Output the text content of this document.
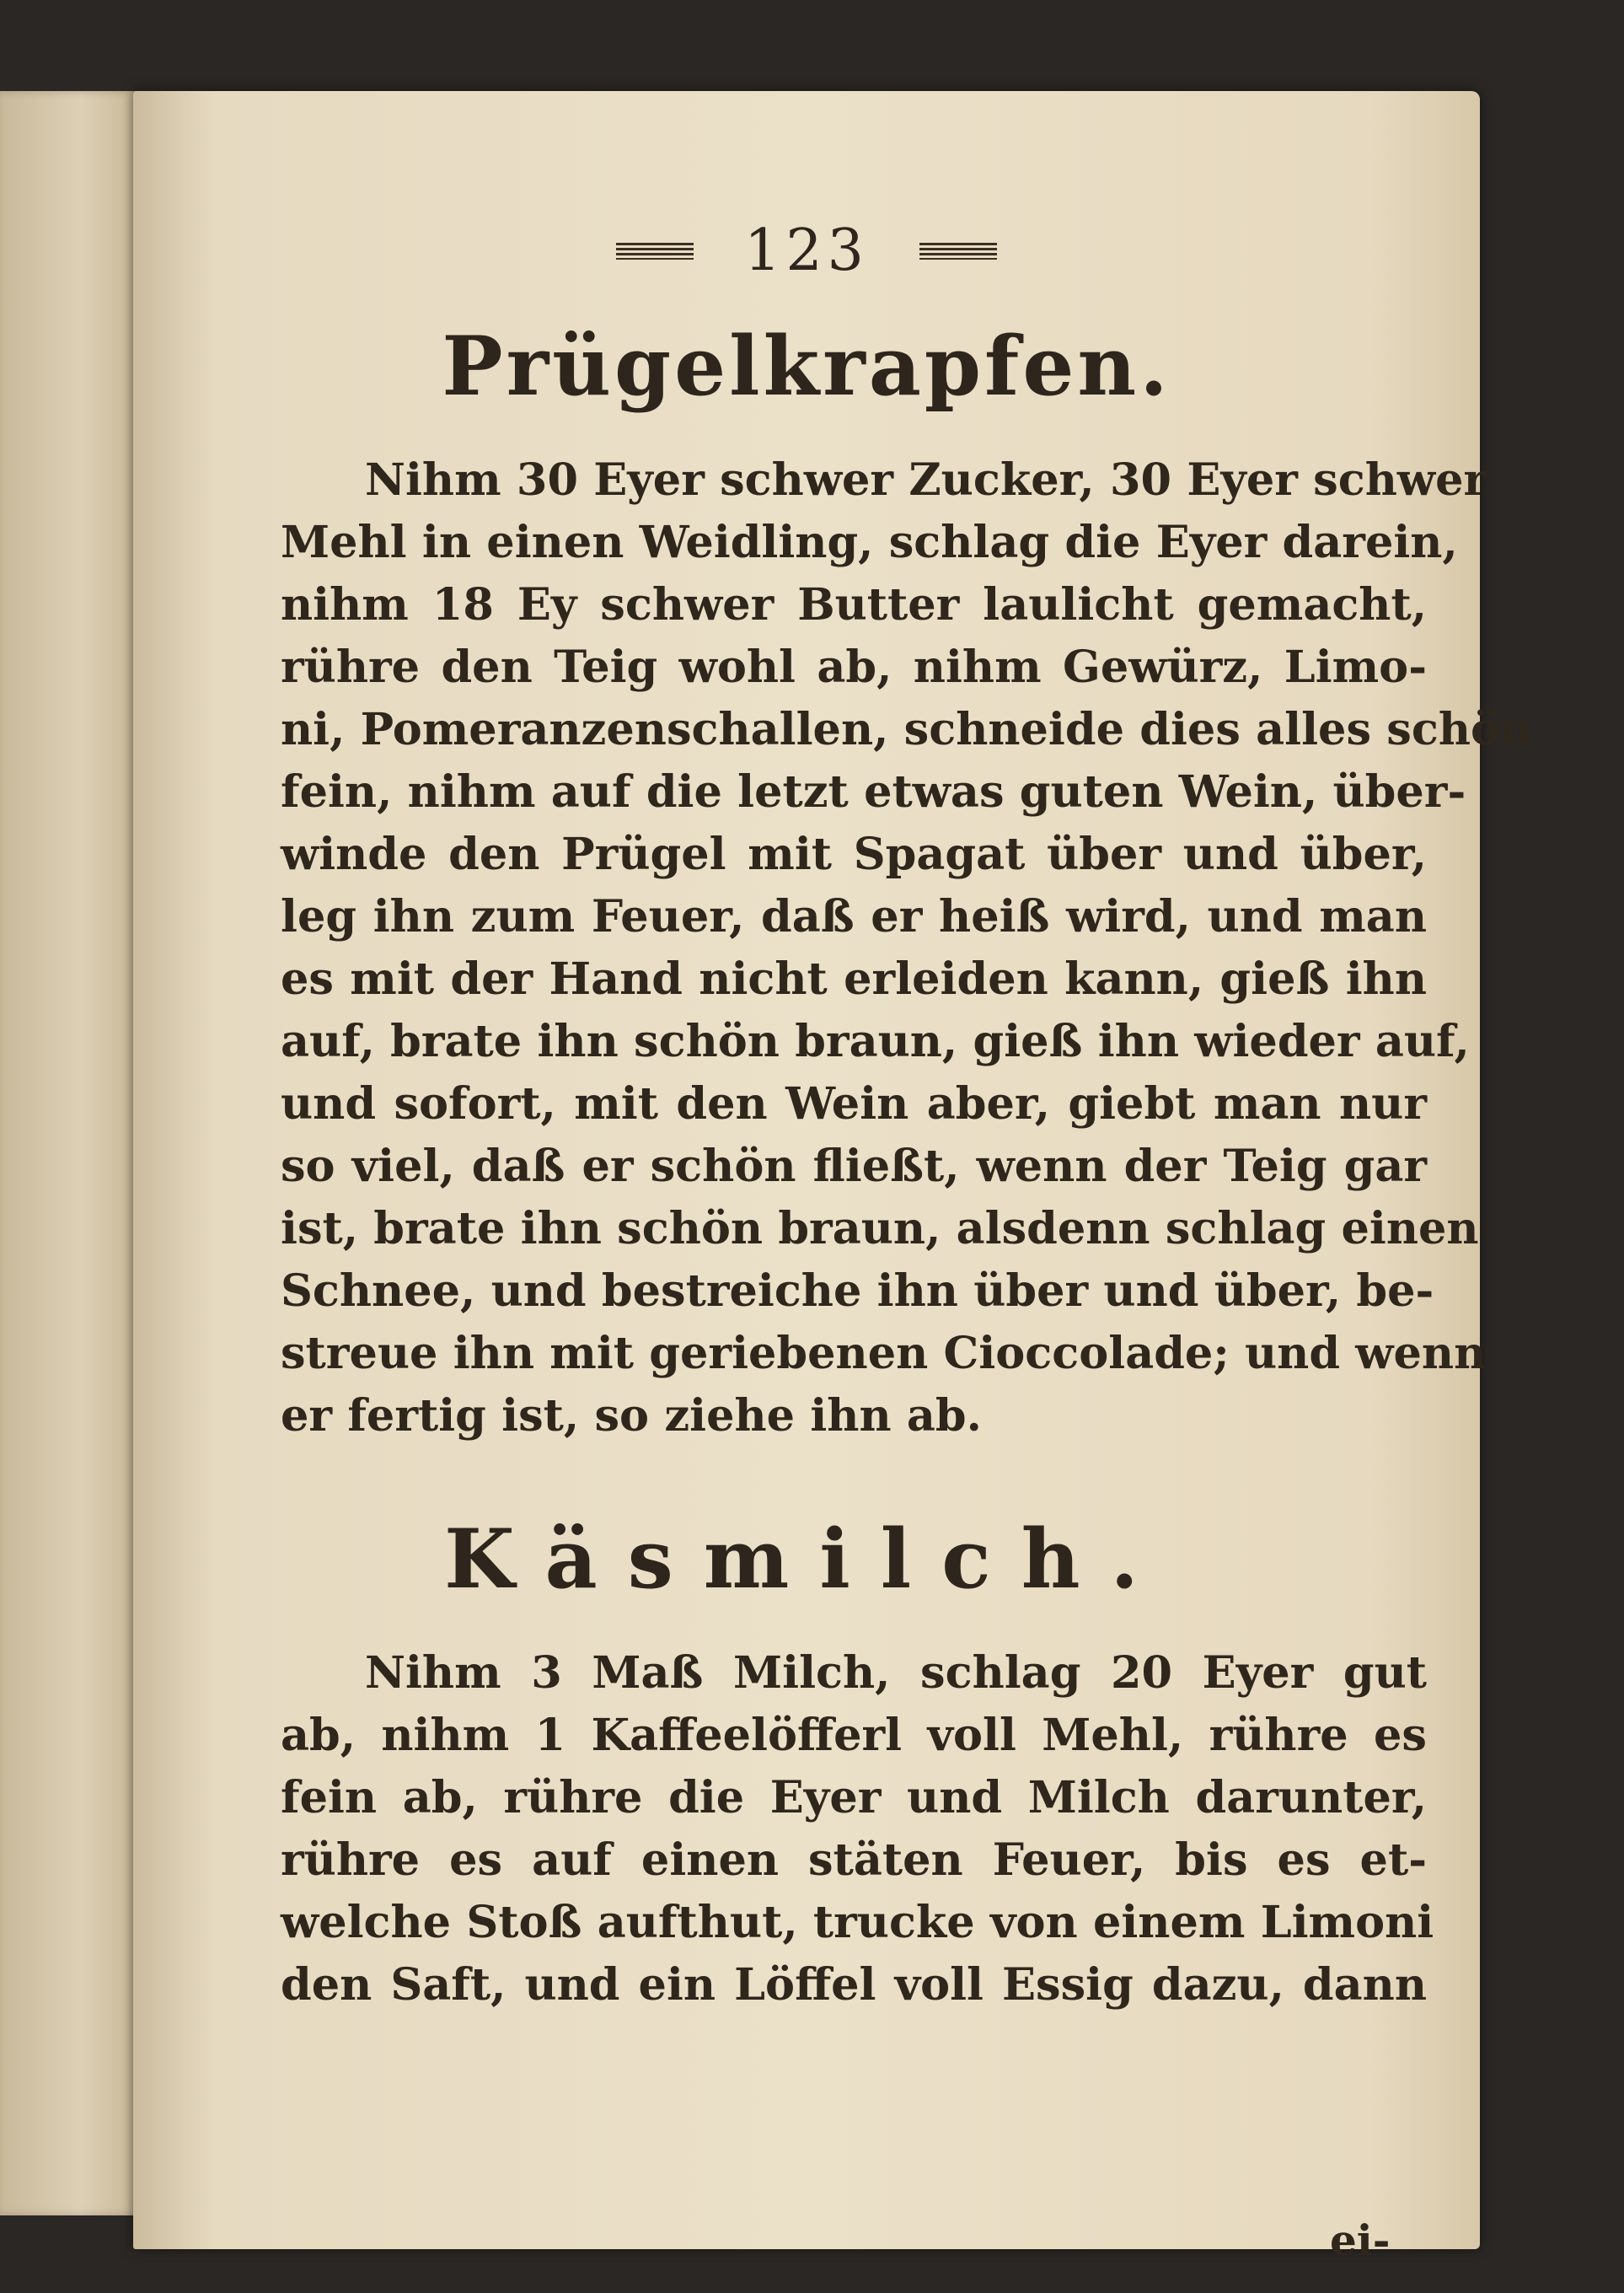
123
Prügelkrapfen.
Nihm 30 Eyer schwer Zucker, 30 Eyer schwer
Mehl in einen Weidling, schlag die Eyer darein,
nihm 18 Ey schwer Butter laulicht gemacht,
rühre den Teig wohl ab, nihm Gewürz, Limo-
ni, Pomeranzenschallen, schneide dies alles schön
fein, nihm auf die letzt etwas guten Wein, über-
winde den Prügel mit Spagat über und über,
leg ihn zum Feuer, daß er heiß wird, und man
es mit der Hand nicht erleiden kann, gieß ihn
auf, brate ihn schön braun, gieß ihn wieder auf,
und sofort, mit den Wein aber, giebt man nur
so viel, daß er schön fließt, wenn der Teig gar
ist, brate ihn schön braun, alsdenn schlag einen
Schnee, und bestreiche ihn über und über, be-
streue ihn mit geriebenen Cioccolade; und wenn
er fertig ist, so ziehe ihn ab.
Käsmilch.
Nihm 3 Maß Milch, schlag 20 Eyer gut
ab, nihm 1 Kaffeelöfferl voll Mehl, rühre es
fein ab, rühre die Eyer und Milch darunter,
rühre es auf einen stäten Feuer, bis es et-
welche Stoß aufthut, trucke von einem Limoni
den Saft, und ein Löffel voll Essig dazu, dann
ei-
